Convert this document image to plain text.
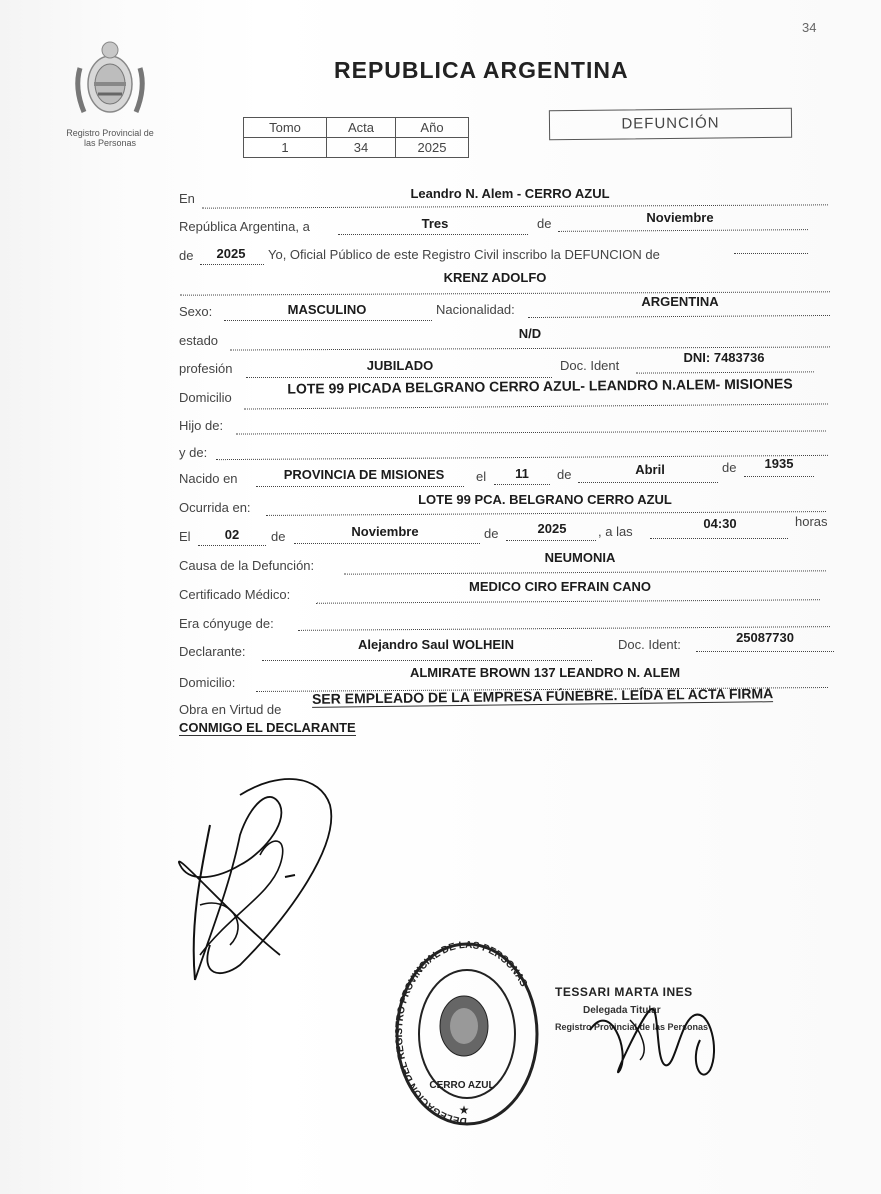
34
Registro Provincial de
las Personas
REPUBLICA ARGENTINA
Tomo	Acta	Año
1	34	2025
DEFUNCIÓN
En	Leandro N. Alem - CERRO AZUL
República Argentina, a	Tres	de	Noviembre
de	2025	Yo, Oficial Público de este Registro Civil inscribo la DEFUNCION de
KRENZ ADOLFO
Sexo:	MASCULINO	Nacionalidad:
ARGENTINA
estado	N/D
profesión	JUBILADO	Doc. Ident
DNI: 7483736
Domicilio
LOTE 99 PICADA BELGRANO CERRO AZUL- LEANDRO N.ALEM- MISIONES
Hijo de:
y de:
Nacido en	PROVINCIA DE MISIONES	el	11	de	Abril	de	1935
Ocurrida en:
LOTE 99 PCA. BELGRANO CERRO AZUL
El	02	de	Noviembre	de	2025	, a las
04:30	horas
Causa de la Defunción:
NEUMONIA
Certificado Médico:
MEDICO CIRO EFRAIN CANO
Era cónyuge de:
Declarante:	Alejandro Saul WOLHEIN	Doc. Ident:	25087730
Domicilio:
ALMIRATE BROWN 137 LEANDRO N. ALEM
Obra en Virtud de
SER EMPLEADO DE LA EMPRESA FÚNEBRE. LEÍDA EL ACTA FIRMA
CONMIGO EL DECLARANTE
DELEGACION DEL REGISTRO PROVINCIAL DE LAS PERSONAS
CERRO AZUL
★
TESSARI MARTA INES
Delegada Titular
Registro Provincial de las Personas
